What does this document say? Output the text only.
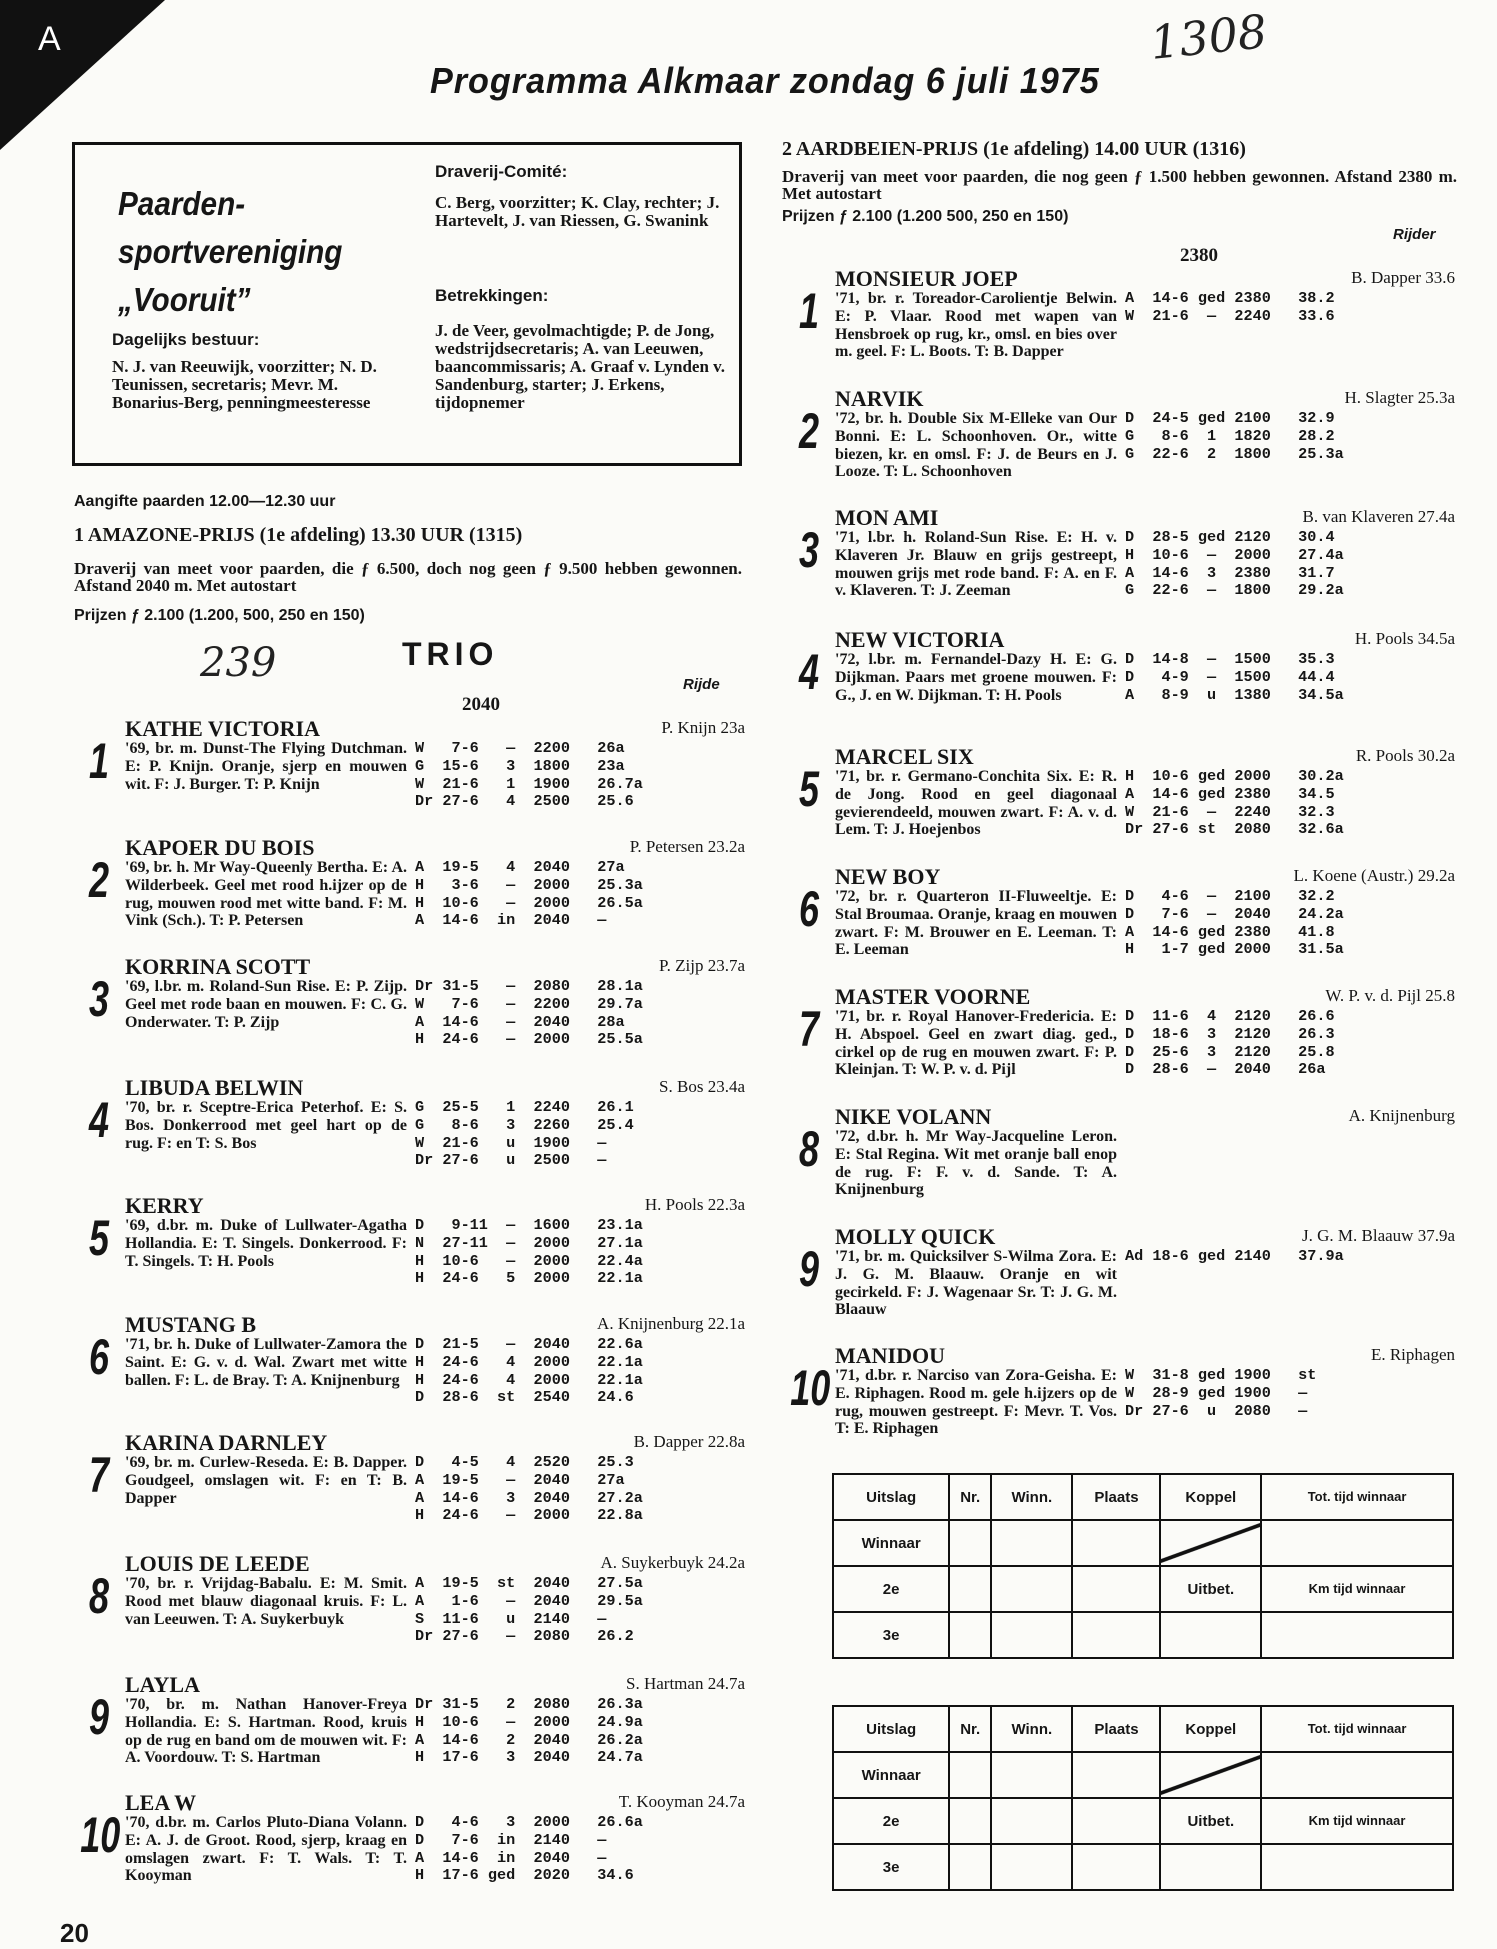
A
Programma Alkmaar zondag 6 juli 1975
1308
Paarden-
sportvereniging
„Vooruit”
Dagelijks bestuur:
N. J. van Reeuwijk, voorzitter; N. D. Teunissen, secretaris; Mevr. M. Bonarius-Berg, penningmeesteresse
Draverij-Comité:
C. Berg, voorzitter; K. Clay, rechter; J. Hartevelt, J. van Riessen, G. Swanink
Betrekkingen:
J. de Veer, gevolmachtigde; P. de Jong, wedstrijdsecretaris; A. van Leeuwen, baancommissaris; A. Graaf v. Lynden v. Sandenburg, starter; J. Erkens, tijdopnemer
Aangifte paarden 12.00—12.30 uur
1 AMAZONE-PRIJS (1e afdeling) 13.30 UUR (1315)
Draverij van meet voor paarden, die ƒ 6.500, doch nog geen ƒ 9.500 hebben gewonnen. Afstand 2040 m. Met autostart
Prijzen ƒ 2.100 (1.200, 500, 250 en 150)
239	TRIO
Rijde
2040
1
KATHE VICTORIA	P. Knijn 23a
'69, br. m. Dunst-The Flying Dutchman. E: P. Knijn. Oranje, sjerp en mouwen wit. F: J. Burger. T: P. Knijn
W   7-6   —  2200   26a
G  15-6   3  1800   23a
W  21-6   1  1900   26.7a
Dr 27-6   4  2500   25.6
2
KAPOER DU BOIS	P. Petersen 23.2a
'69, br. h. Mr Way-Queenly Bertha. E: A. Wilderbeek. Geel met rood h.ijzer op de rug, mouwen rood met witte band. F: M. Vink (Sch.). T: P. Petersen
A  19-5   4  2040   27a
H   3-6   —  2000   25.3a
H  10-6   —  2000   26.5a
A  14-6  in  2040   —
3
KORRINA SCOTT	P. Zijp 23.7a
'69, l.br. m. Roland-Sun Rise. E: P. Zijp. Geel met rode baan en mouwen. F: C. G. Onderwater. T: P. Zijp
Dr 31-5   —  2080   28.1a
W   7-6   —  2200   29.7a
A  14-6   —  2040   28a
H  24-6   —  2000   25.5a
4
LIBUDA BELWIN	S. Bos 23.4a
'70, br. r. Sceptre-Erica Peterhof. E: S. Bos. Donkerrood met geel hart op de rug. F: en T: S. Bos
G  25-5   1  2240   26.1
G   8-6   3  2260   25.4
W  21-6   u  1900   —
Dr 27-6   u  2500   —
5
KERRY	H. Pools 22.3a
'69, d.br. m. Duke of Lullwater-Agatha Hollandia. E: T. Singels. Donkerrood. F: T. Singels. T: H. Pools
D   9-11  —  1600   23.1a
N  27-11  —  2000   27.1a
H  10-6   —  2000   22.4a
H  24-6   5  2000   22.1a
6
MUSTANG B	A. Knijnenburg 22.1a
'71, br. h. Duke of Lullwater-Zamora the Saint. E: G. v. d. Wal. Zwart met witte ballen. F: L. de Bray. T: A. Knijnenburg
D  21-5   —  2040   22.6a
H  24-6   4  2000   22.1a
H  24-6   4  2000   22.1a
D  28-6  st  2540   24.6
7
KARINA DARNLEY	B. Dapper 22.8a
'69, br. m. Curlew-Reseda. E: B. Dapper. Goudgeel, omslagen wit. F: en T: B. Dapper
D   4-5   4  2520   25.3
A  19-5   —  2040   27a
A  14-6   3  2040   27.2a
H  24-6   —  2000   22.8a
8
LOUIS DE LEEDE	A. Suykerbuyk 24.2a
'70, br. r. Vrijdag-Babalu. E: M. Smit. Rood met blauw diagonaal kruis. F: L. van Leeuwen. T: A. Suykerbuyk
A  19-5  st  2040   27.5a
A   1-6   —  2040   29.5a
S  11-6   u  2140   —
Dr 27-6   —  2080   26.2
9
LAYLA	S. Hartman 24.7a
'70, br. m. Nathan Hanover-Freya Hollandia. E: S. Hartman. Rood, kruis op de rug en band om de mouwen wit. F: A. Voordouw. T: S. Hartman
Dr 31-5   2  2080   26.3a
H  10-6   —  2000   24.9a
A  14-6   2  2040   26.2a
H  17-6   3  2040   24.7a
10
LEA W	T. Kooyman 24.7a
'70, d.br. m. Carlos Pluto-Diana Volann. E: A. J. de Groot. Rood, sjerp, kraag en omslagen zwart. F: T. Wals. T: T. Kooyman
D   4-6   3  2000   26.6a
D   7-6  in  2140   —
A  14-6  in  2040   —
H  17-6 ged  2020   34.6
2 AARDBEIEN-PRIJS (1e afdeling) 14.00 UUR (1316)
Draverij van meet voor paarden, die nog geen ƒ 1.500 hebben gewonnen. Afstand 2380 m. Met autostart
Prijzen ƒ 2.100 (1.200 500, 250 en 150)
Rijder
2380
1
MONSIEUR JOEP	B. Dapper 33.6
'71, br. r. Toreador-Carolientje Belwin. E: P. Vlaar. Rood met wapen van Hensbroek op rug, kr., omsl. en bies over m. geel. F: L. Boots. T: B. Dapper
A  14-6 ged 2380   38.2
W  21-6  —  2240   33.6
2
NARVIK	H. Slagter 25.3a
'72, br. h. Double Six M-Elleke van Our Bonni. E: L. Schoonhoven. Or., witte biezen, kr. en omsl. F: J. de Beurs en J. Looze. T: L. Schoonhoven
D  24-5 ged 2100   32.9
G   8-6  1  1820   28.2
G  22-6  2  1800   25.3a
3
MON AMI	B. van Klaveren 27.4a
'71, l.br. h. Roland-Sun Rise. E: H. v. Klaveren Jr. Blauw en grijs gestreept, mouwen grijs met rode band. F: A. en F. v. Klaveren. T: J. Zeeman
D  28-5 ged 2120   30.4
H  10-6  —  2000   27.4a
A  14-6  3  2380   31.7
G  22-6  —  1800   29.2a
4
NEW VICTORIA	H. Pools 34.5a
'72, l.br. m. Fernandel-Dazy H. E: G. Dijkman. Paars met groene mouwen. F: G., J. en W. Dijkman. T: H. Pools
D  14-8  —  1500   35.3
D   4-9  —  1500   44.4
A   8-9  u  1380   34.5a
5
MARCEL SIX	R. Pools 30.2a
'71, br. r. Germano-Conchita Six. E: R. de Jong. Rood en geel diagonaal gevierendeeld, mouwen zwart. F: A. v. d. Lem. T: J. Hoejenbos
H  10-6 ged 2000   30.2a
A  14-6 ged 2380   34.5
W  21-6  —  2240   32.3
Dr 27-6 st  2080   32.6a
6
NEW BOY	L. Koene (Austr.) 29.2a
'72, br. r. Quarteron II-Fluweeltje. E: Stal Broumaa. Oranje, kraag en mouwen zwart. F: M. Brouwer en E. Leeman. T: E. Leeman
D   4-6  —  2100   32.2
D   7-6  —  2040   24.2a
A  14-6 ged 2380   41.8
H   1-7 ged 2000   31.5a
7
MASTER VOORNE	W. P. v. d. Pijl 25.8
'71, br. r. Royal Hanover-Fredericia. E: H. Abspoel. Geel en zwart diag. ged., cirkel op de rug en mouwen zwart. F: P. Kleinjan. T: W. P. v. d. Pijl
D  11-6  4  2120   26.6
D  18-6  3  2120   26.3
D  25-6  3  2120   25.8
D  28-6  —  2040   26a
8
NIKE VOLANN	A. Knijnenburg
'72, d.br. h. Mr Way-Jacqueline Leron. E: Stal Regina. Wit met oranje ball enop de rug. F: F. v. d. Sande. T: A. Knijnenburg
9
MOLLY QUICK	J. G. M. Blaauw 37.9a
'71, br. m. Quicksilver S-Wilma Zora. E: J. G. M. Blaauw. Oranje en wit gecirkeld. F: J. Wagenaar Sr. T: J. G. M. Blaauw
Ad 18-6 ged 2140   37.9a
10
MANIDOU	E. Riphagen
'71, d.br. r. Narciso van Zora-Geisha. E: E. Riphagen. Rood m. gele h.ijzers op de rug, mouwen gestreept. F: Mevr. T. Vos. T: E. Riphagen
W  31-8 ged 1900   st
W  28-9 ged 1900   —
Dr 27-6  u  2080   —
Uitslag	Nr.	Winn.	Plaats	Koppel	Tot. tijd winnaar
Winnaar					
2e				Uitbet.	Km tijd winnaar
3e					
Uitslag	Nr.	Winn.	Plaats	Koppel	Tot. tijd winnaar
Winnaar					
2e				Uitbet.	Km tijd winnaar
3e					
20
